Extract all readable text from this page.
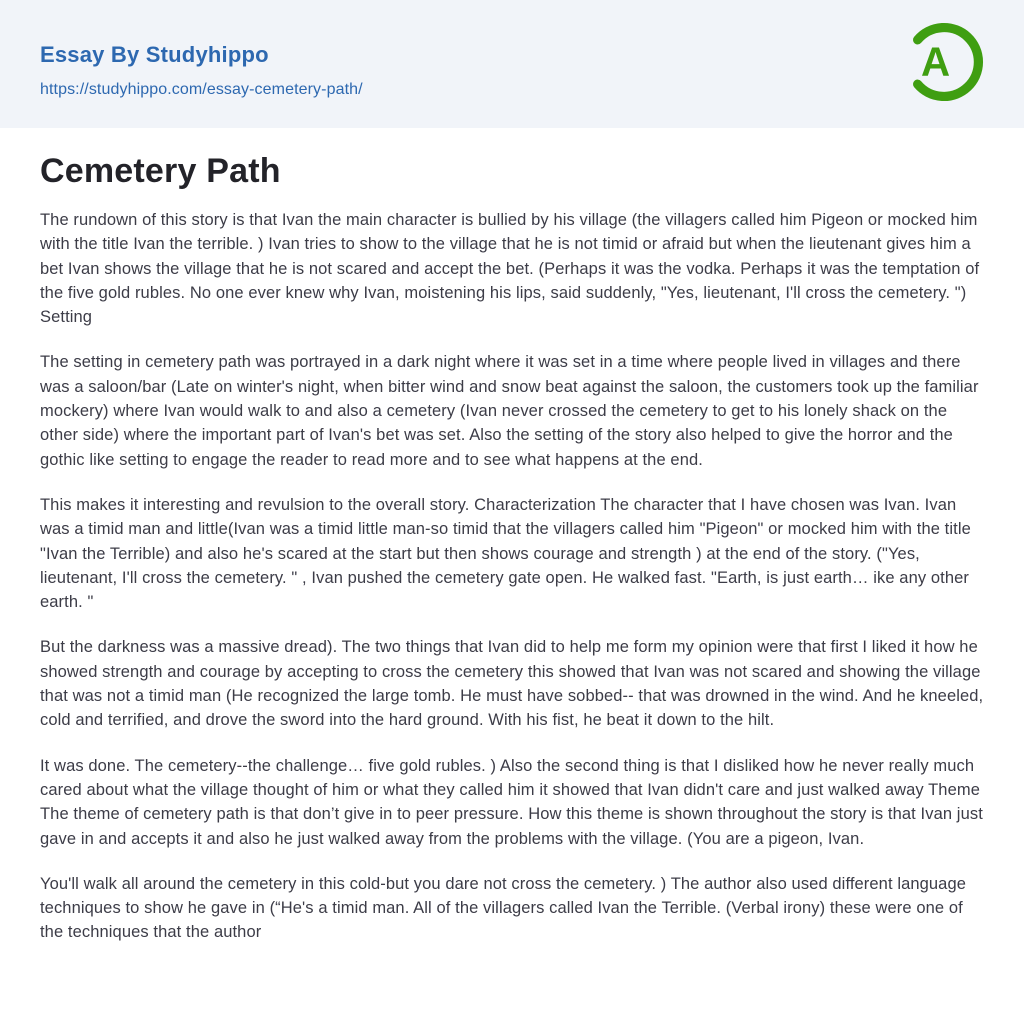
Essay By Studyhippo
https://studyhippo.com/essay-cemetery-path/
A
Cemetery Path

The rundown of this story is that Ivan the main character is bullied by his village (the villagers called him Pigeon or mocked him with the title Ivan the terrible. ) Ivan tries to show to the village that he is not timid or afraid but when the lieutenant gives him a bet Ivan shows the village that he is not scared and accept the bet. (Perhaps it was the vodka. Perhaps it was the temptation of the five gold rubles. No one ever knew why Ivan, moistening his lips, said suddenly, "Yes, lieutenant, I'll cross the cemetery. ") Setting

The setting in cemetery path was portrayed in a dark night where it was set in a time where people lived in villages and there was a saloon/bar (Late on winter's night, when bitter wind and snow beat against the saloon, the customers took up the familiar mockery) where Ivan would walk to and also a cemetery (Ivan never crossed the cemetery to get to his lonely shack on the other side) where the important part of Ivan's bet was set. Also the setting of the story also helped to give the horror and the gothic like setting to engage the reader to read more and to see what happens at the end.

This makes it interesting and revulsion to the overall story. Characterization The character that I have chosen was Ivan. Ivan was a timid man and little(Ivan was a timid little man-so timid that the villagers called him "Pigeon" or mocked him with the title "Ivan the Terrible) and also he's scared at the start but then shows courage and strength ) at the end of the story. ("Yes, lieutenant, I'll cross the cemetery. " , Ivan pushed the cemetery gate open. He walked fast. "Earth, is just earth… ike any other earth. "

But the darkness was a massive dread). The two things that Ivan did to help me form my opinion were that first I liked it how he showed strength and courage by accepting to cross the cemetery this showed that Ivan was not scared and showing the village that was not a timid man (He recognized the large tomb. He must have sobbed-- that was drowned in the wind. And he kneeled, cold and terrified, and drove the sword into the hard ground. With his fist, he beat it down to the hilt.

It was done. The cemetery--the challenge… five gold rubles. ) Also the second thing is that I disliked how he never really much cared about what the village thought of him or what they called him it showed that Ivan didn't care and just walked away Theme The theme of cemetery path is that don’t give in to peer pressure. How this theme is shown throughout the story is that Ivan just gave in and accepts it and also he just walked away from the problems with the village. (You are a pigeon, Ivan.

You'll walk all around the cemetery in this cold-but you dare not cross the cemetery. ) The author also used different language techniques to show he gave in (“He's a timid man. All of the villagers called Ivan the Terrible. (Verbal irony) these were one of the techniques that the author
